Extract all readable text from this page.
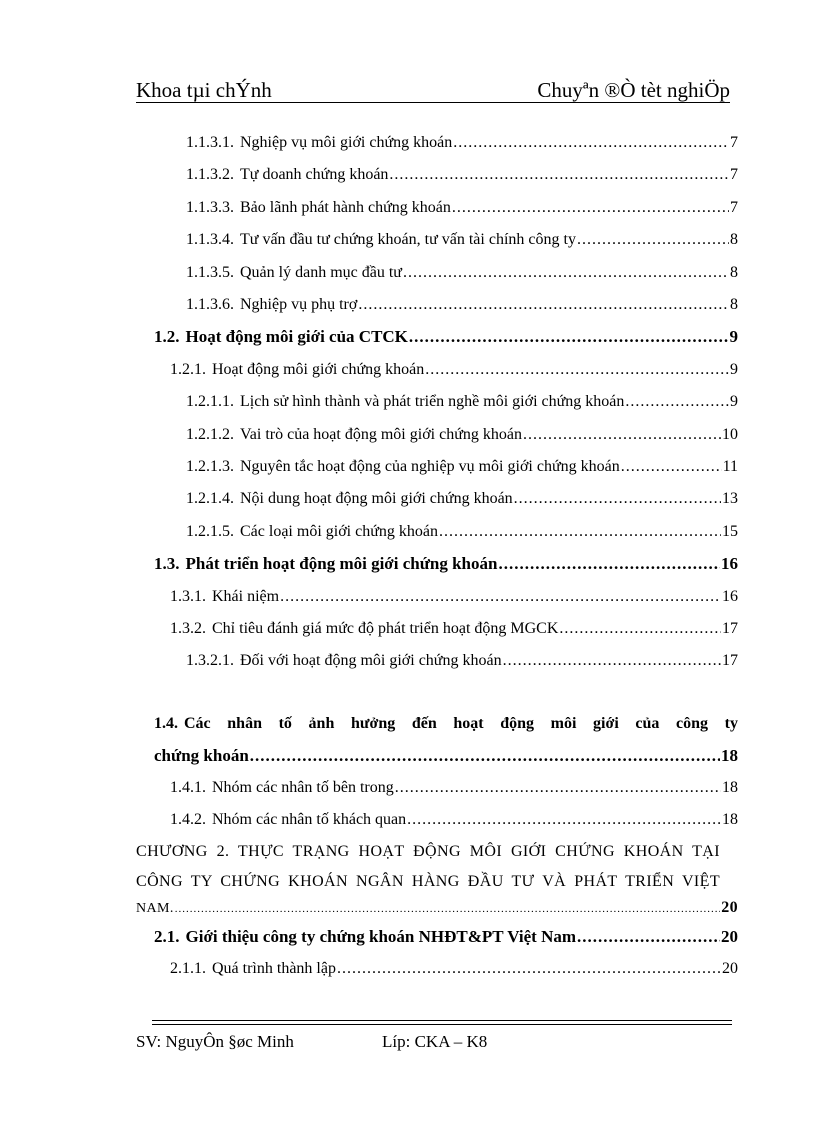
Khoa tµi chÝnh	Chuyªn ®Ò tèt nghiÖp
1.1.3.1. Nghiệp vụ môi giới chứng khoán .....	7
1.1.3.2. Tự doanh chứng khoán .....	7
1.1.3.3. Bảo lãnh phát hành chứng khoán .....	7
1.1.3.4. Tư vấn đầu tư chứng khoán, tư vấn tài chính công ty .....	8
1.1.3.5. Quản lý danh mục đầu tư .....	8
1.1.3.6. Nghiệp vụ phụ trợ .....	8
1.2. Hoạt động môi giới của CTCK .....	9
1.2.1. Hoạt động môi giới chứng khoán .....	9
1.2.1.1. Lịch sử hình thành và phát triển nghề môi giới chứng khoán .....	9
1.2.1.2. Vai trò của hoạt động môi giới chứng khoán .....	10
1.2.1.3. Nguyên tắc hoạt động của nghiệp vụ môi giới chứng khoán .....	11
1.2.1.4. Nội dung hoạt động môi giới chứng khoán .....	13
1.2.1.5. Các loại môi giới chứng khoán .....	15
1.3. Phát triển hoạt động môi giới chứng khoán .....	16
1.3.1. Khái niệm .....	16
1.3.2. Chỉ tiêu đánh giá mức độ phát triển hoạt động MGCK .....	17
1.3.2.1. Đối với hoạt động môi giới chứng khoán .....	17
1.4. Các nhân tố ảnh hưởng đến hoạt động môi giới của công ty
chứng khoán .....	18
1.4.1. Nhóm các nhân tố bên trong .....	18
1.4.2. Nhóm các nhân tố khách quan .....	18
CHƯƠNG 2. THỰC TRẠNG HOẠT ĐỘNG MÔI GIỚI CHỨNG KHOÁN TẠI
CÔNG TY CHỨNG KHOÁN NGÂN HÀNG ĐẦU TƯ VÀ PHÁT TRIỂN VIỆT
NAM. .....	20
2.1. Giới thiệu công ty chứng khoán NHĐT&PT Việt Nam .....	20
2.1.1. Quá trình thành lập .....	20
SV: NguyÔn §øc Minh	Líp: CKA – K8
